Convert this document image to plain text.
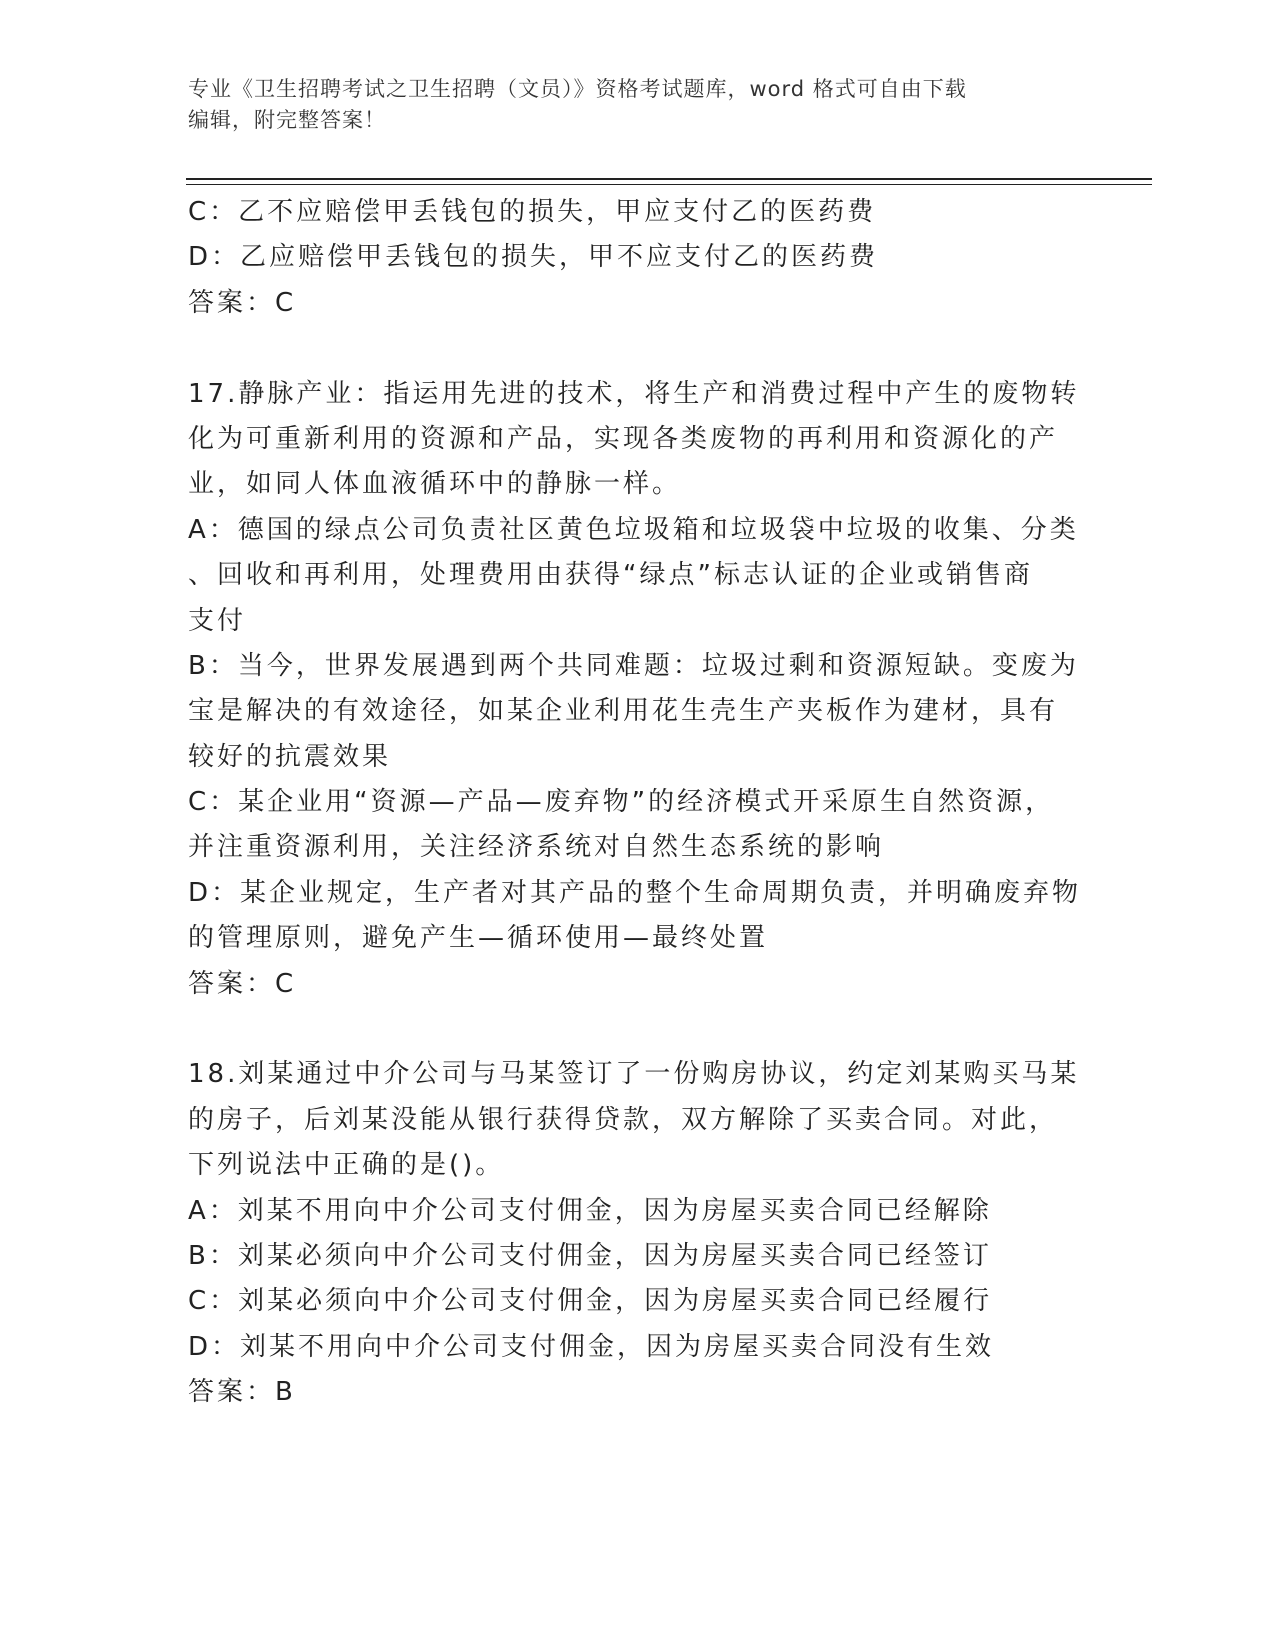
专业《卫生招聘考试之卫生招聘（文员）》资格考试题库，word 格式可自由下载
编辑，附完整答案！
C：乙不应赔偿甲丢钱包的损失，甲应支付乙的医药费
D：乙应赔偿甲丢钱包的损失，甲不应支付乙的医药费
答案：C
17.静脉产业：指运用先进的技术，将生产和消费过程中产生的废物转
化为可重新利用的资源和产品，实现各类废物的再利用和资源化的产
业，如同人体血液循环中的静脉一样。
A：德国的绿点公司负责社区黄色垃圾箱和垃圾袋中垃圾的收集、分类
、回收和再利用，处理费用由获得“绿点”标志认证的企业或销售商
支付
B：当今，世界发展遇到两个共同难题：垃圾过剩和资源短缺。变废为
宝是解决的有效途径，如某企业利用花生壳生产夹板作为建材，具有
较好的抗震效果
C：某企业用“资源—产品—废弃物”的经济模式开采原生自然资源，
并注重资源利用，关注经济系统对自然生态系统的影响
D：某企业规定，生产者对其产品的整个生命周期负责，并明确废弃物
的管理原则，避免产生—循环使用—最终处置
答案：C
18.刘某通过中介公司与马某签订了一份购房协议，约定刘某购买马某
的房子，后刘某没能从银行获得贷款，双方解除了买卖合同。对此，
下列说法中正确的是()。
A：刘某不用向中介公司支付佣金，因为房屋买卖合同已经解除
B：刘某必须向中介公司支付佣金，因为房屋买卖合同已经签订
C：刘某必须向中介公司支付佣金，因为房屋买卖合同已经履行
D：刘某不用向中介公司支付佣金，因为房屋买卖合同没有生效
答案：B
